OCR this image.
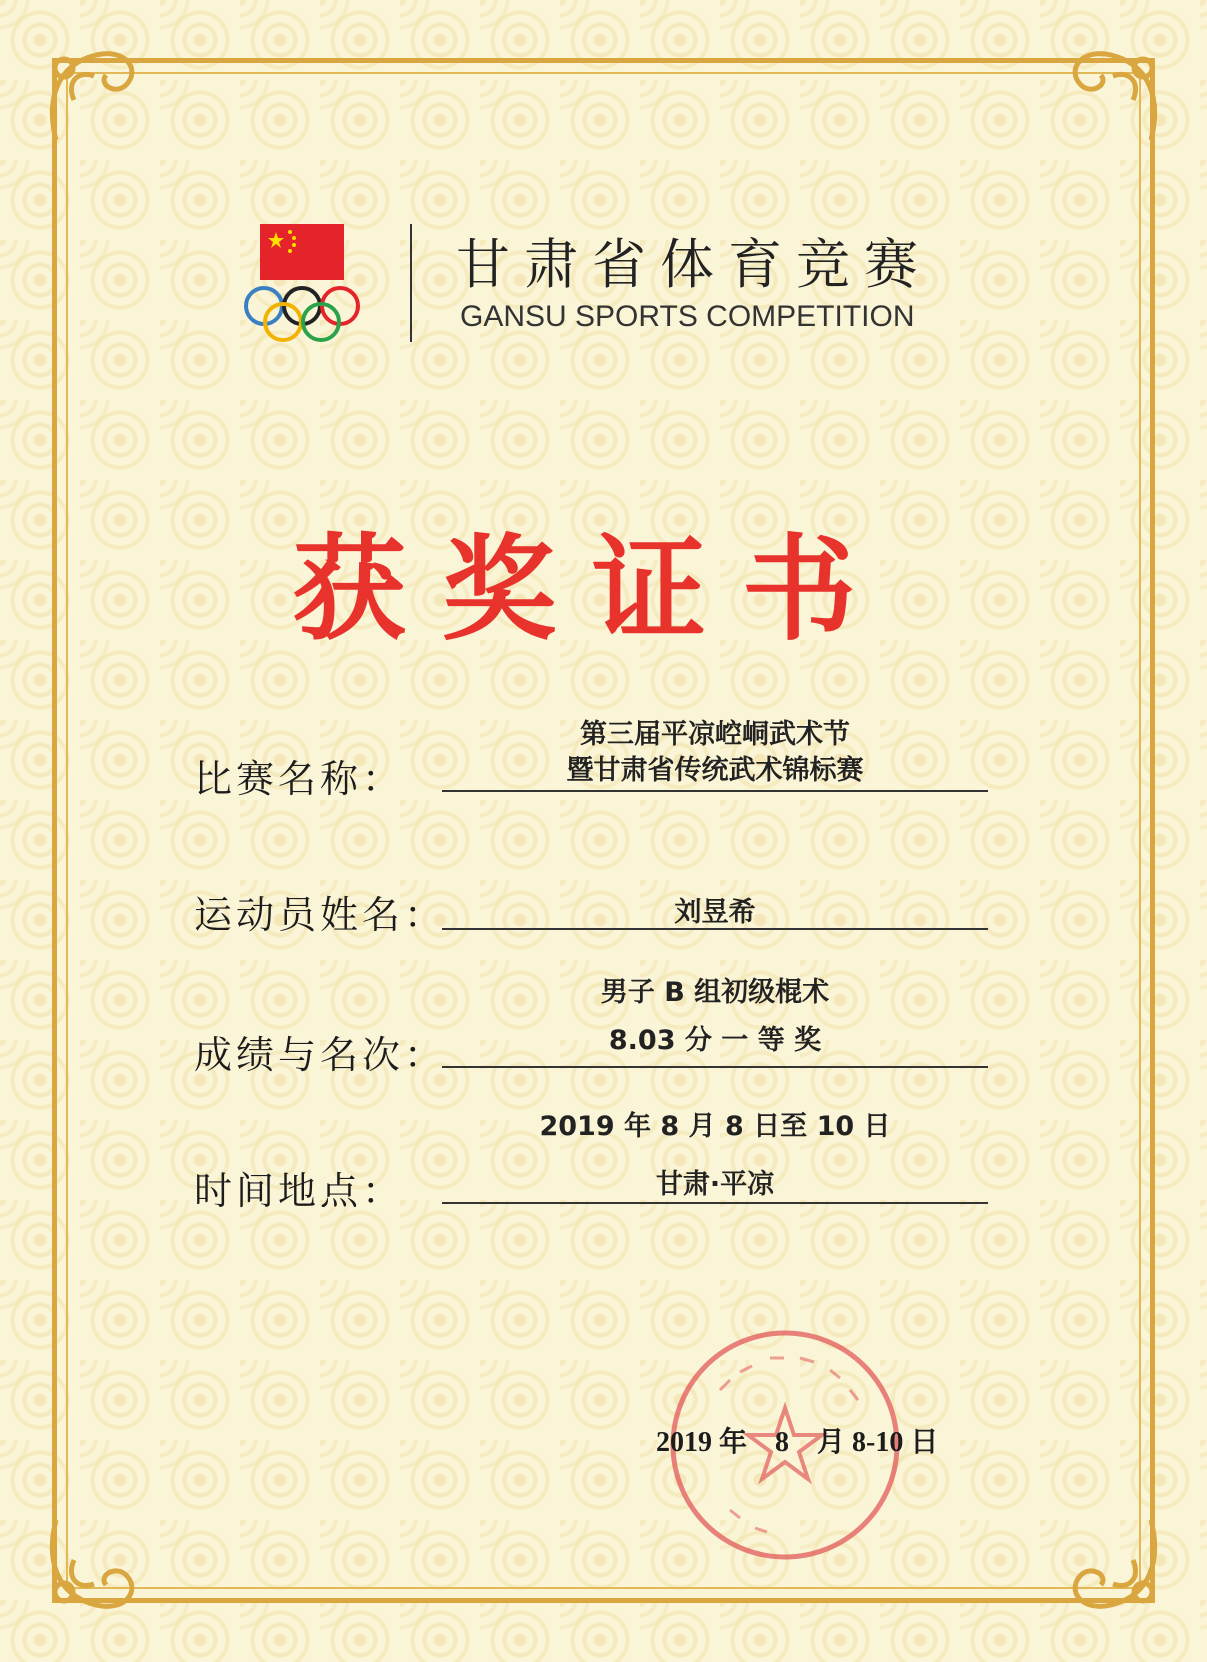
甘肃省体育竞赛
GANSU SPORTS COMPETITION
获奖证书
比赛名称：
第三届平凉崆峒武术节
暨甘肃省传统武术锦标赛
运动员姓名：	刘昱希
成绩与名次：
男子 B 组初级棍术
8.03 分 一 等 奖
时间地点：
2019 年 8 月 8 日至 10 日
甘肃·平凉
2019 年　8　月 8-10 日
